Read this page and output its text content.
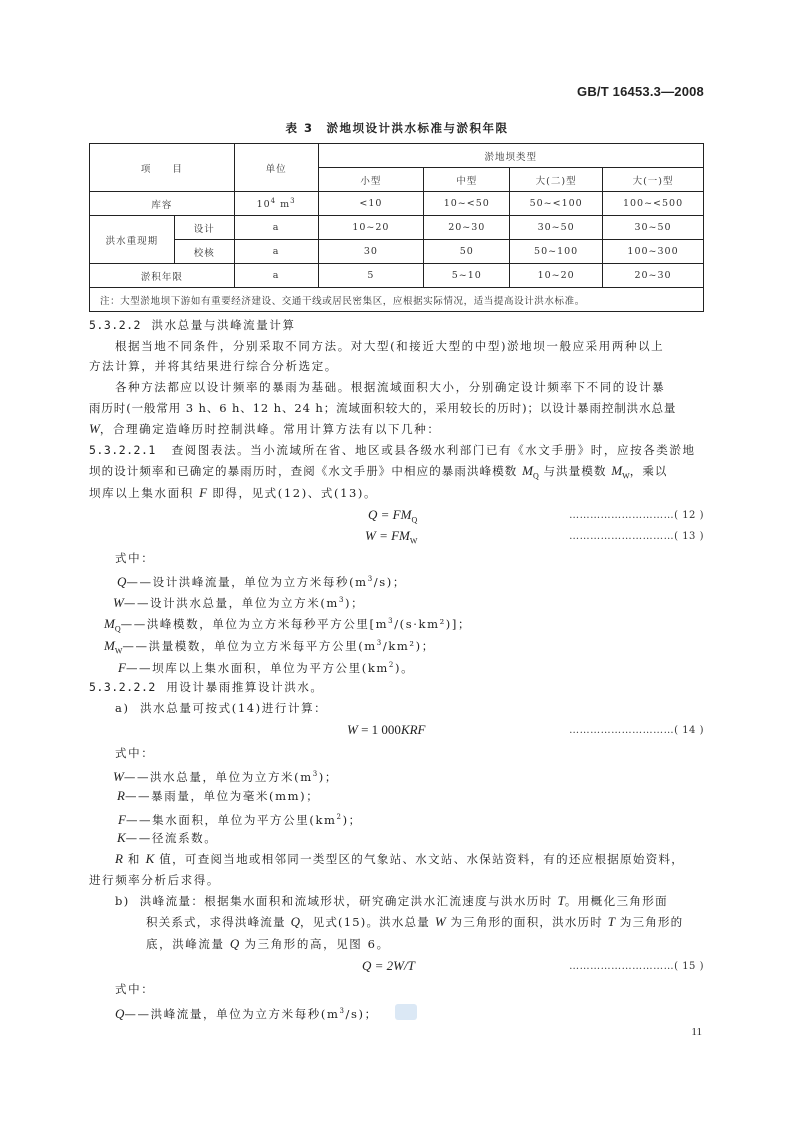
GB/T 16453.3—2008
表 3　淤地坝设计洪水标准与淤积年限
项　　目		单位	淤地坝类型			
			小型	中型	大(二)型	大(一)型
库容		$10^4$ $m^3$	<10	10~<50	50~<100	100~<500
洪水重现期	设计	a	10~20	20~30	30~50	30~50
	校核	a	30	50	50~100	100~300
淤积年限		a	5	5~10	10~20	20~30
注：大型淤地坝下游如有重要经济建设、交通干线或居民密集区，应根据实际情况，适当提高设计洪水标准。						
5.3.2.2 洪水总量与洪峰流量计算
根据当地不同条件，分别采取不同方法。对大型(和接近大型的中型)淤地坝一般应采用两种以上
方法计算，并将其结果进行综合分析选定。
各种方法都应以设计频率的暴雨为基础。根据流域面积大小，分别确定设计频率下不同的设计暴
雨历时(一般常用 3 h、6 h、12 h、24 h；流域面积较大的，采用较长的历时)；以设计暴雨控制洪水总量
W，合理确定造峰历时控制洪峰。常用计算方法有以下几种：
5.3.2.2.1 查阅图表法。当小流域所在省、地区或县各级水利部门已有《水文手册》时，应按各类淤地
坝的设计频率和已确定的暴雨历时，查阅《水文手册》中相应的暴雨洪峰模数 $M_Q$ 与洪量模数 $M_W$，乘以
坝库以上集水面积 F 即得，见式(12)、式(13)。
$Q = FM_Q$	…………………………( 12 )
$W = FM_W$	…………………………( 13 )
式中：
Q——设计洪峰流量，单位为立方米每秒$(m^3/s)$；
W——设计洪水总量，单位为立方米$(m^3)$；
$M_Q——$洪峰模数，单位为立方米每秒平方公里$[m^3/(s\cdot km^2)]$；
$M_W——$洪量模数，单位为立方米每平方公里$(m^3/km^2)$；
F——坝库以上集水面积，单位为平方公里$(km^2)$。
5.3.2.2.2 用设计暴雨推算设计洪水。
a) 洪水总量可按式(14)进行计算：
W = 1 000KRF	…………………………( 14 )
式中：
W——洪水总量，单位为立方米$(m^3)$；
R——暴雨量，单位为毫米(mm)；
F——集水面积，单位为平方公里$(km^2)$；
K——径流系数。
R 和 K 值，可查阅当地或相邻同一类型区的气象站、水文站、水保站资料，有的还应根据原始资料，
进行频率分析后求得。
b) 洪峰流量：根据集水面积和流域形状，研究确定洪水汇流速度与洪水历时 T。用概化三角形面
积关系式，求得洪峰流量 Q，见式(15)。洪水总量 W 为三角形的面积，洪水历时 T 为三角形的
底，洪峰流量 Q 为三角形的高，见图 6。
Q = 2W/T	…………………………( 15 )
式中：
Q——洪峰流量，单位为立方米每秒$(m^3/s)$；
11
